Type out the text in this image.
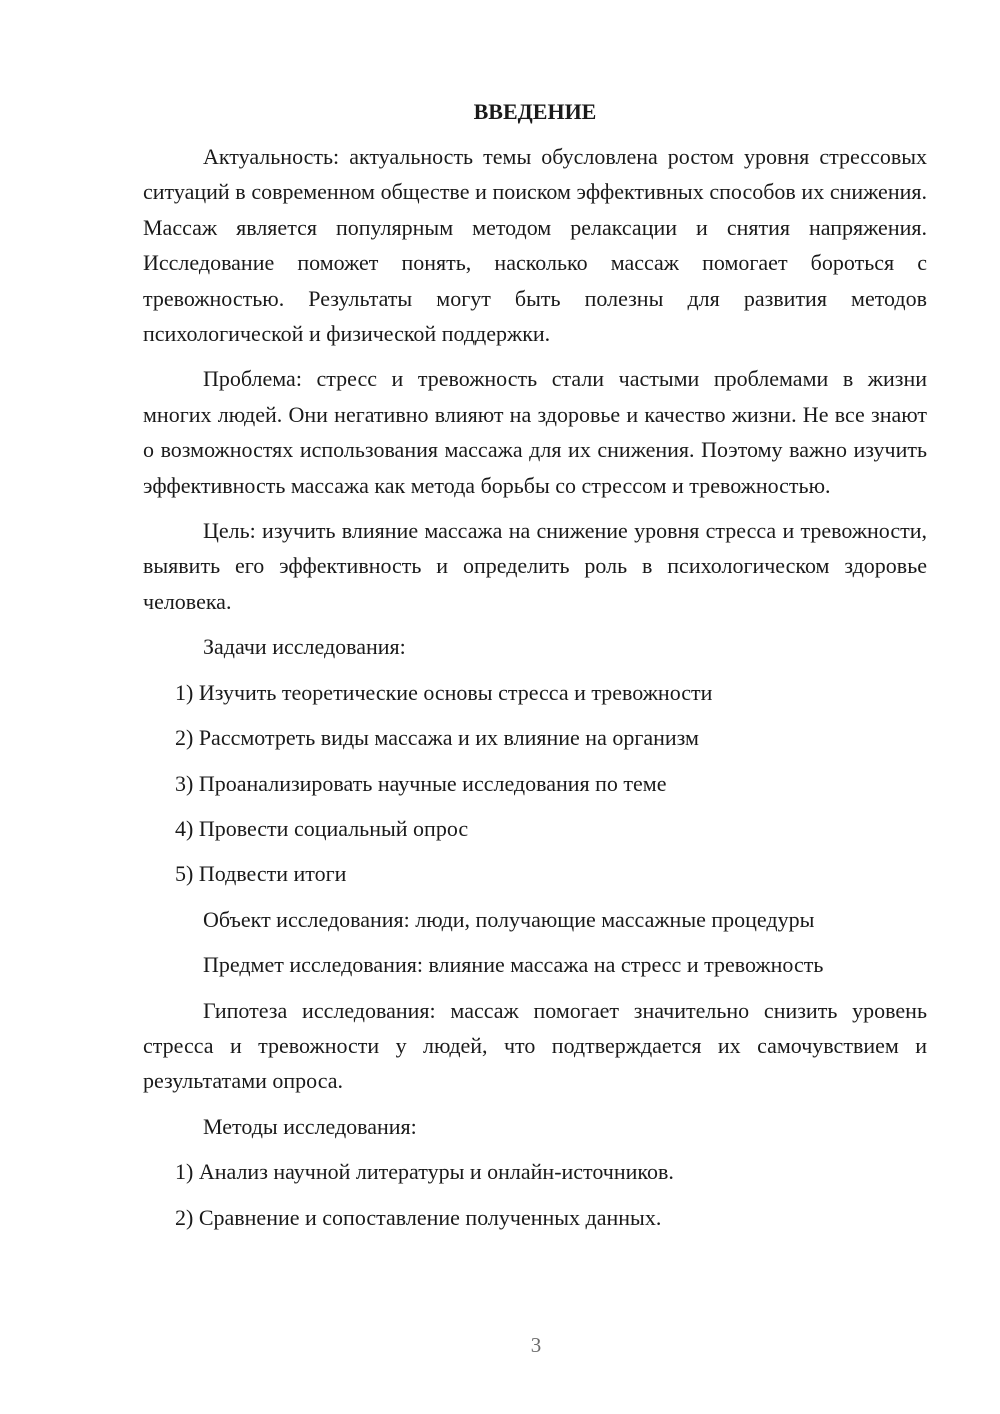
ВВЕДЕНИЕ

Актуальность: актуальность темы обусловлена ростом уровня стрессовых ситуаций в современном обществе и поиском эффективных способов их снижения. Массаж является популярным методом релаксации и снятия напряжения. Исследование поможет понять, насколько массаж помогает бороться с тревожностью. Результаты могут быть полезны для развития методов психологической и физической поддержки.

Проблема: стресс и тревожность стали частыми проблемами в жизни многих людей. Они негативно влияют на здоровье и качество жизни. Не все знают о возможностях использования массажа для их снижения. Поэтому важно изучить эффективность массажа как метода борьбы со стрессом и тревожностью.

Цель: изучить влияние массажа на снижение уровня стресса и тревожности, выявить его эффективность и определить роль в психологическом здоровье человека.

Задачи исследования:

1) Изучить теоретические основы стресса и тревожности

2) Рассмотреть виды массажа и их влияние на организм

3) Проанализировать научные исследования по теме

4) Провести социальный опрос

5) Подвести итоги

Объект исследования: люди, получающие массажные процедуры

Предмет исследования: влияние массажа на стресс и тревожность

Гипотеза исследования: массаж помогает значительно снизить уровень стресса и тревожности у людей, что подтверждается их самочувствием и результатами опроса.

Методы исследования:

1) Анализ научной литературы и онлайн-источников.

2) Сравнение и сопоставление полученных данных.

3
